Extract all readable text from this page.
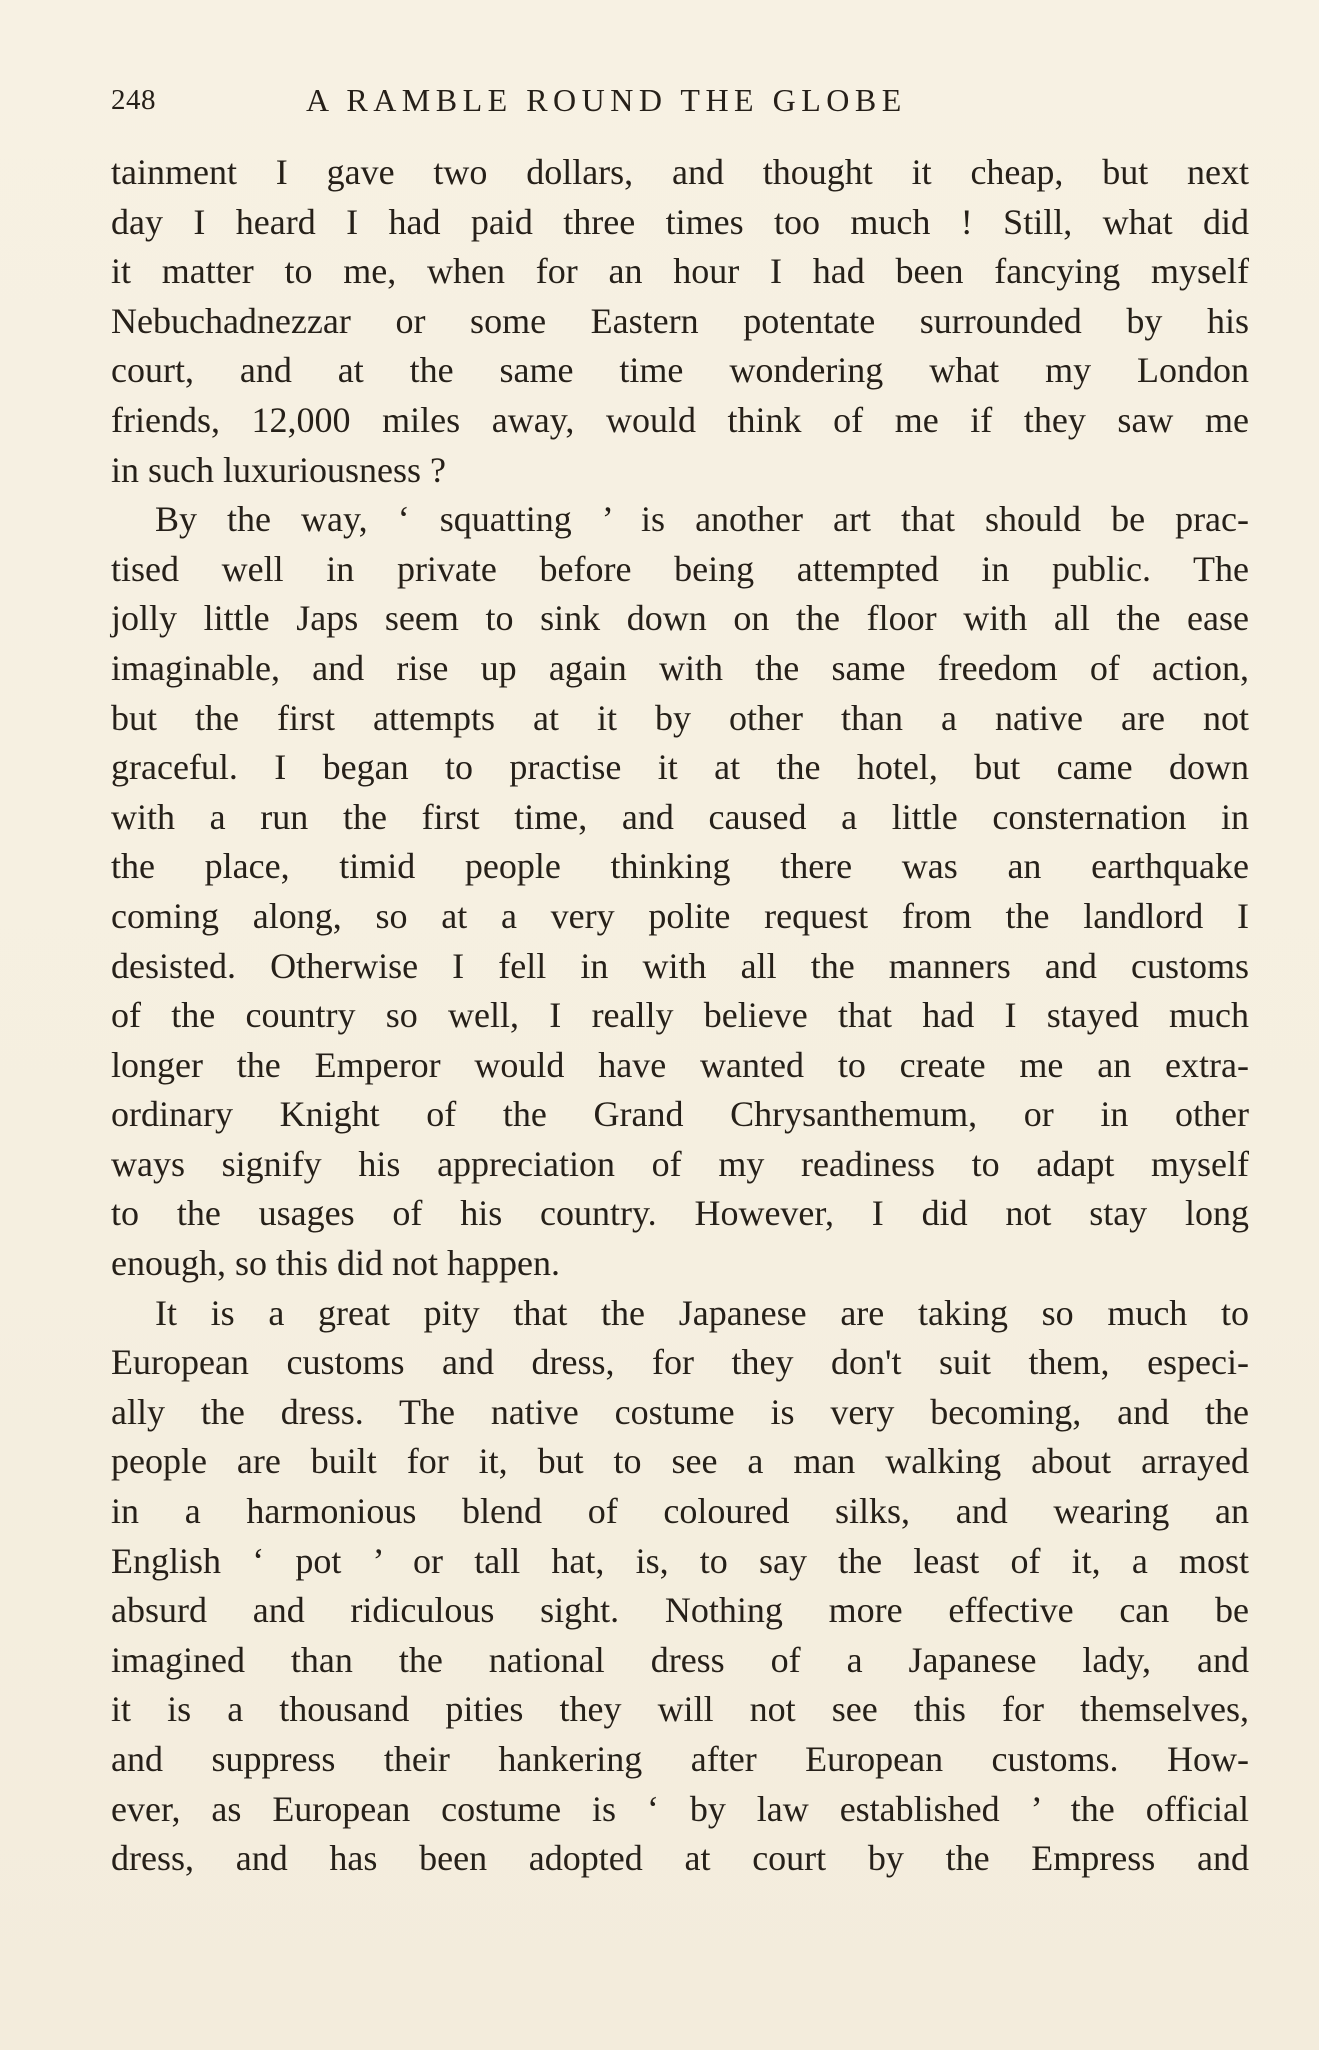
248	A RAMBLE ROUND THE GLOBE
tainment I gave two dollars, and thought it cheap, but next
day I heard I had paid three times too much ! Still, what did
it matter to me, when for an hour I had been fancying myself
Nebuchadnezzar or some Eastern potentate surrounded by his
court, and at the same time wondering what my London
friends, 12,000 miles away, would think of me if they saw me
in such luxuriousness ?
By the way, ‘ squatting ’ is another art that should be prac-
tised well in private before being attempted in public. The
jolly little Japs seem to sink down on the floor with all the ease
imaginable, and rise up again with the same freedom of action,
but the first attempts at it by other than a native are not
graceful. I began to practise it at the hotel, but came down
with a run the first time, and caused a little consternation in
the place, timid people thinking there was an earthquake
coming along, so at a very polite request from the landlord I
desisted. Otherwise I fell in with all the manners and customs
of the country so well, I really believe that had I stayed much
longer the Emperor would have wanted to create me an extra-
ordinary Knight of the Grand Chrysanthemum, or in other
ways signify his appreciation of my readiness to adapt myself
to the usages of his country. However, I did not stay long
enough, so this did not happen.
It is a great pity that the Japanese are taking so much to
European customs and dress, for they don't suit them, especi-
ally the dress. The native costume is very becoming, and the
people are built for it, but to see a man walking about arrayed
in a harmonious blend of coloured silks, and wearing an
English ‘ pot ’ or tall hat, is, to say the least of it, a most
absurd and ridiculous sight. Nothing more effective can be
imagined than the national dress of a Japanese lady, and
it is a thousand pities they will not see this for themselves,
and suppress their hankering after European customs. How-
ever, as European costume is ‘ by law established ’ the official
dress, and has been adopted at court by the Empress and
